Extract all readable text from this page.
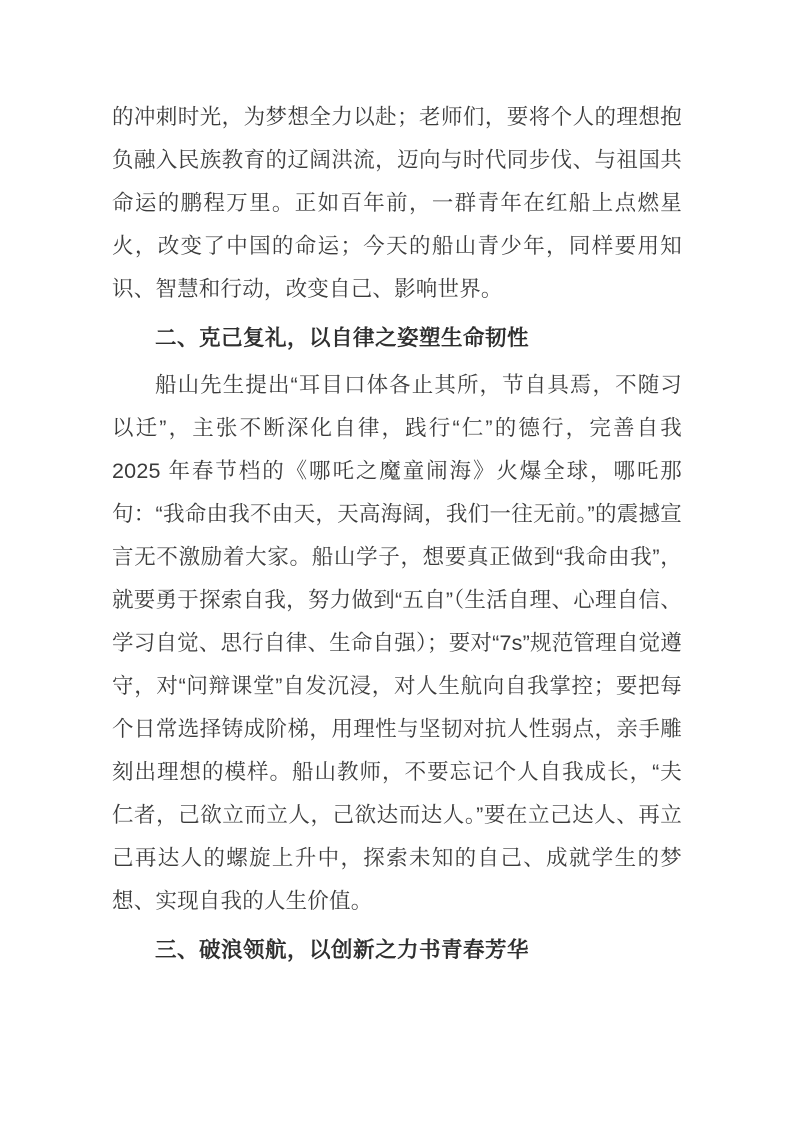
的冲刺时光，为梦想全力以赴；老师们，要将个人的理想抱负融入民族教育的辽阔洪流，迈向与时代同步伐、与祖国共命运的鹏程万里。正如百年前，一群青年在红船上点燃星火，改变了中国的命运；今天的船山青少年，同样要用知识、智慧和行动，改变自己、影响世界。

二、克己复礼，以自律之姿塑生命韧性

船山先生提出“耳目口体各止其所，节自具焉，不随习以迁”，主张不断深化自律，践行“仁”的德行，完善自我 2025 年春节档的《哪吒之魔童闹海》火爆全球，哪吒那句：“我命由我不由天，天高海阔，我们一往无前。”的震撼宣言无不激励着大家。船山学子，想要真正做到“我命由我”，就要勇于探索自我，努力做到“五自”（生活自理、心理自信、学习自觉、思行自律、生命自强）；要对“7s”规范管理自觉遵守，对“问辩课堂”自发沉浸，对人生航向自我掌控；要把每个日常选择铸成阶梯，用理性与坚韧对抗人性弱点，亲手雕刻出理想的模样。船山教师，不要忘记个人自我成长，“夫仁者，己欲立而立人，己欲达而达人。”要在立己达人、再立己再达人的螺旋上升中，探索未知的自己、成就学生的梦想、实现自我的人生价值。

三、破浪领航，以创新之力书青春芳华
